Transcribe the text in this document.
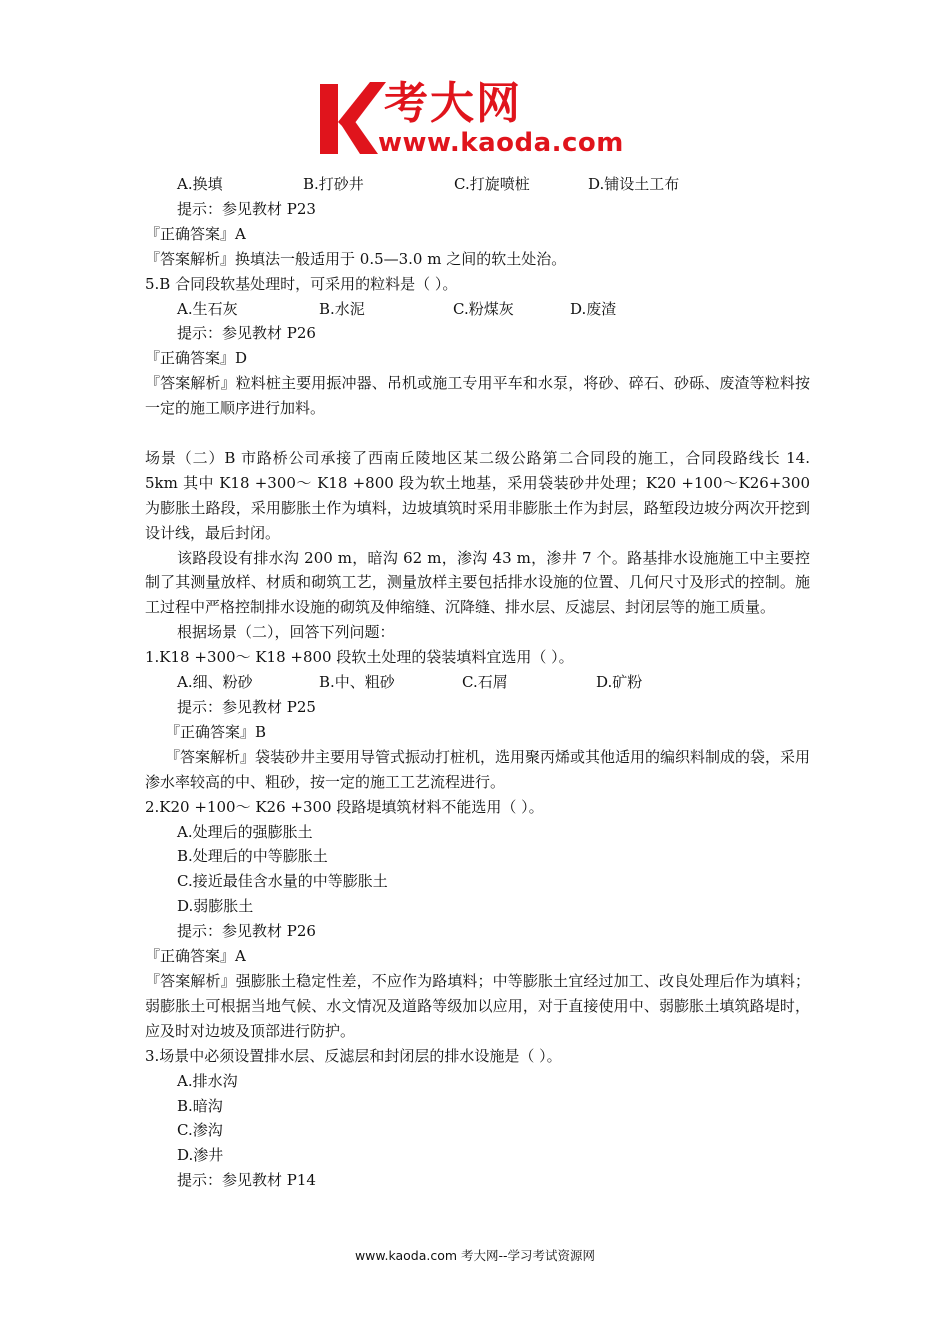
考大网
www.kaoda.com
A.换填	B.打砂井	C.打旋喷桩	D.铺设土工布
提示：参见教材 P23
『正确答案』A
『答案解析』换填法一般适用于 0.5—3.0 m 之间的软土处治。
5.B 合同段软基处理时，可采用的粒料是（ ）。
A.生石灰	B.水泥	C.粉煤灰	D.废渣
提示：参见教材 P26
『正确答案』D
『答案解析』粒料桩主要用振冲器、吊机或施工专用平车和水泵，将砂、碎石、砂砾、废渣等粒料按一定的施工顺序进行加料。
场景（二）B 市路桥公司承接了西南丘陵地区某二级公路第二合同段的施工，合同段路线长 14. 5km 其中 K18 +300～ K18 +800 段为软土地基，采用袋装砂井处理；K20 +100～K26+300 为膨胀土路段，采用膨胀土作为填料，边坡填筑时采用非膨胀土作为封层，路堑段边坡分两次开挖到设计线，最后封闭。
该路段设有排水沟 200 m，暗沟 62 m，渗沟 43 m，渗井 7 个。路基排水设施施工中主要控制了其测量放样、材质和砌筑工艺，测量放样主要包括排水设施的位置、几何尺寸及形式的控制。施工过程中严格控制排水设施的砌筑及伸缩缝、沉降缝、排水层、反滤层、封闭层等的施工质量。
根据场景（二），回答下列问题：
1.K18 +300～ K18 +800 段软土处理的袋装填料宜选用（ ）。
A.细、粉砂	B.中、粗砂	C.石屑	D.矿粉
提示：参见教材 P25
『正确答案』B
『答案解析』袋装砂井主要用导管式振动打桩机，选用聚丙烯或其他适用的编织料制成的袋，采用渗水率较高的中、粗砂，按一定的施工工艺流程进行。
2.K20 +100～ K26 +300 段路堤填筑材料不能选用（ ）。
A.处理后的强膨胀土
B.处理后的中等膨胀土
C.接近最佳含水量的中等膨胀土
D.弱膨胀土
提示：参见教材 P26
『正确答案』A
『答案解析』强膨胀土稳定性差，不应作为路填料；中等膨胀土宜经过加工、改良处理后作为填料；弱膨胀土可根据当地气候、水文情况及道路等级加以应用，对于直接使用中、弱膨胀土填筑路堤时，应及时对边坡及顶部进行防护。
3.场景中必须设置排水层、反滤层和封闭层的排水设施是（ ）。
A.排水沟
B.暗沟
C.渗沟
D.渗井
提示：参见教材 P14
www.kaoda.com 考大网--学习考试资源网
